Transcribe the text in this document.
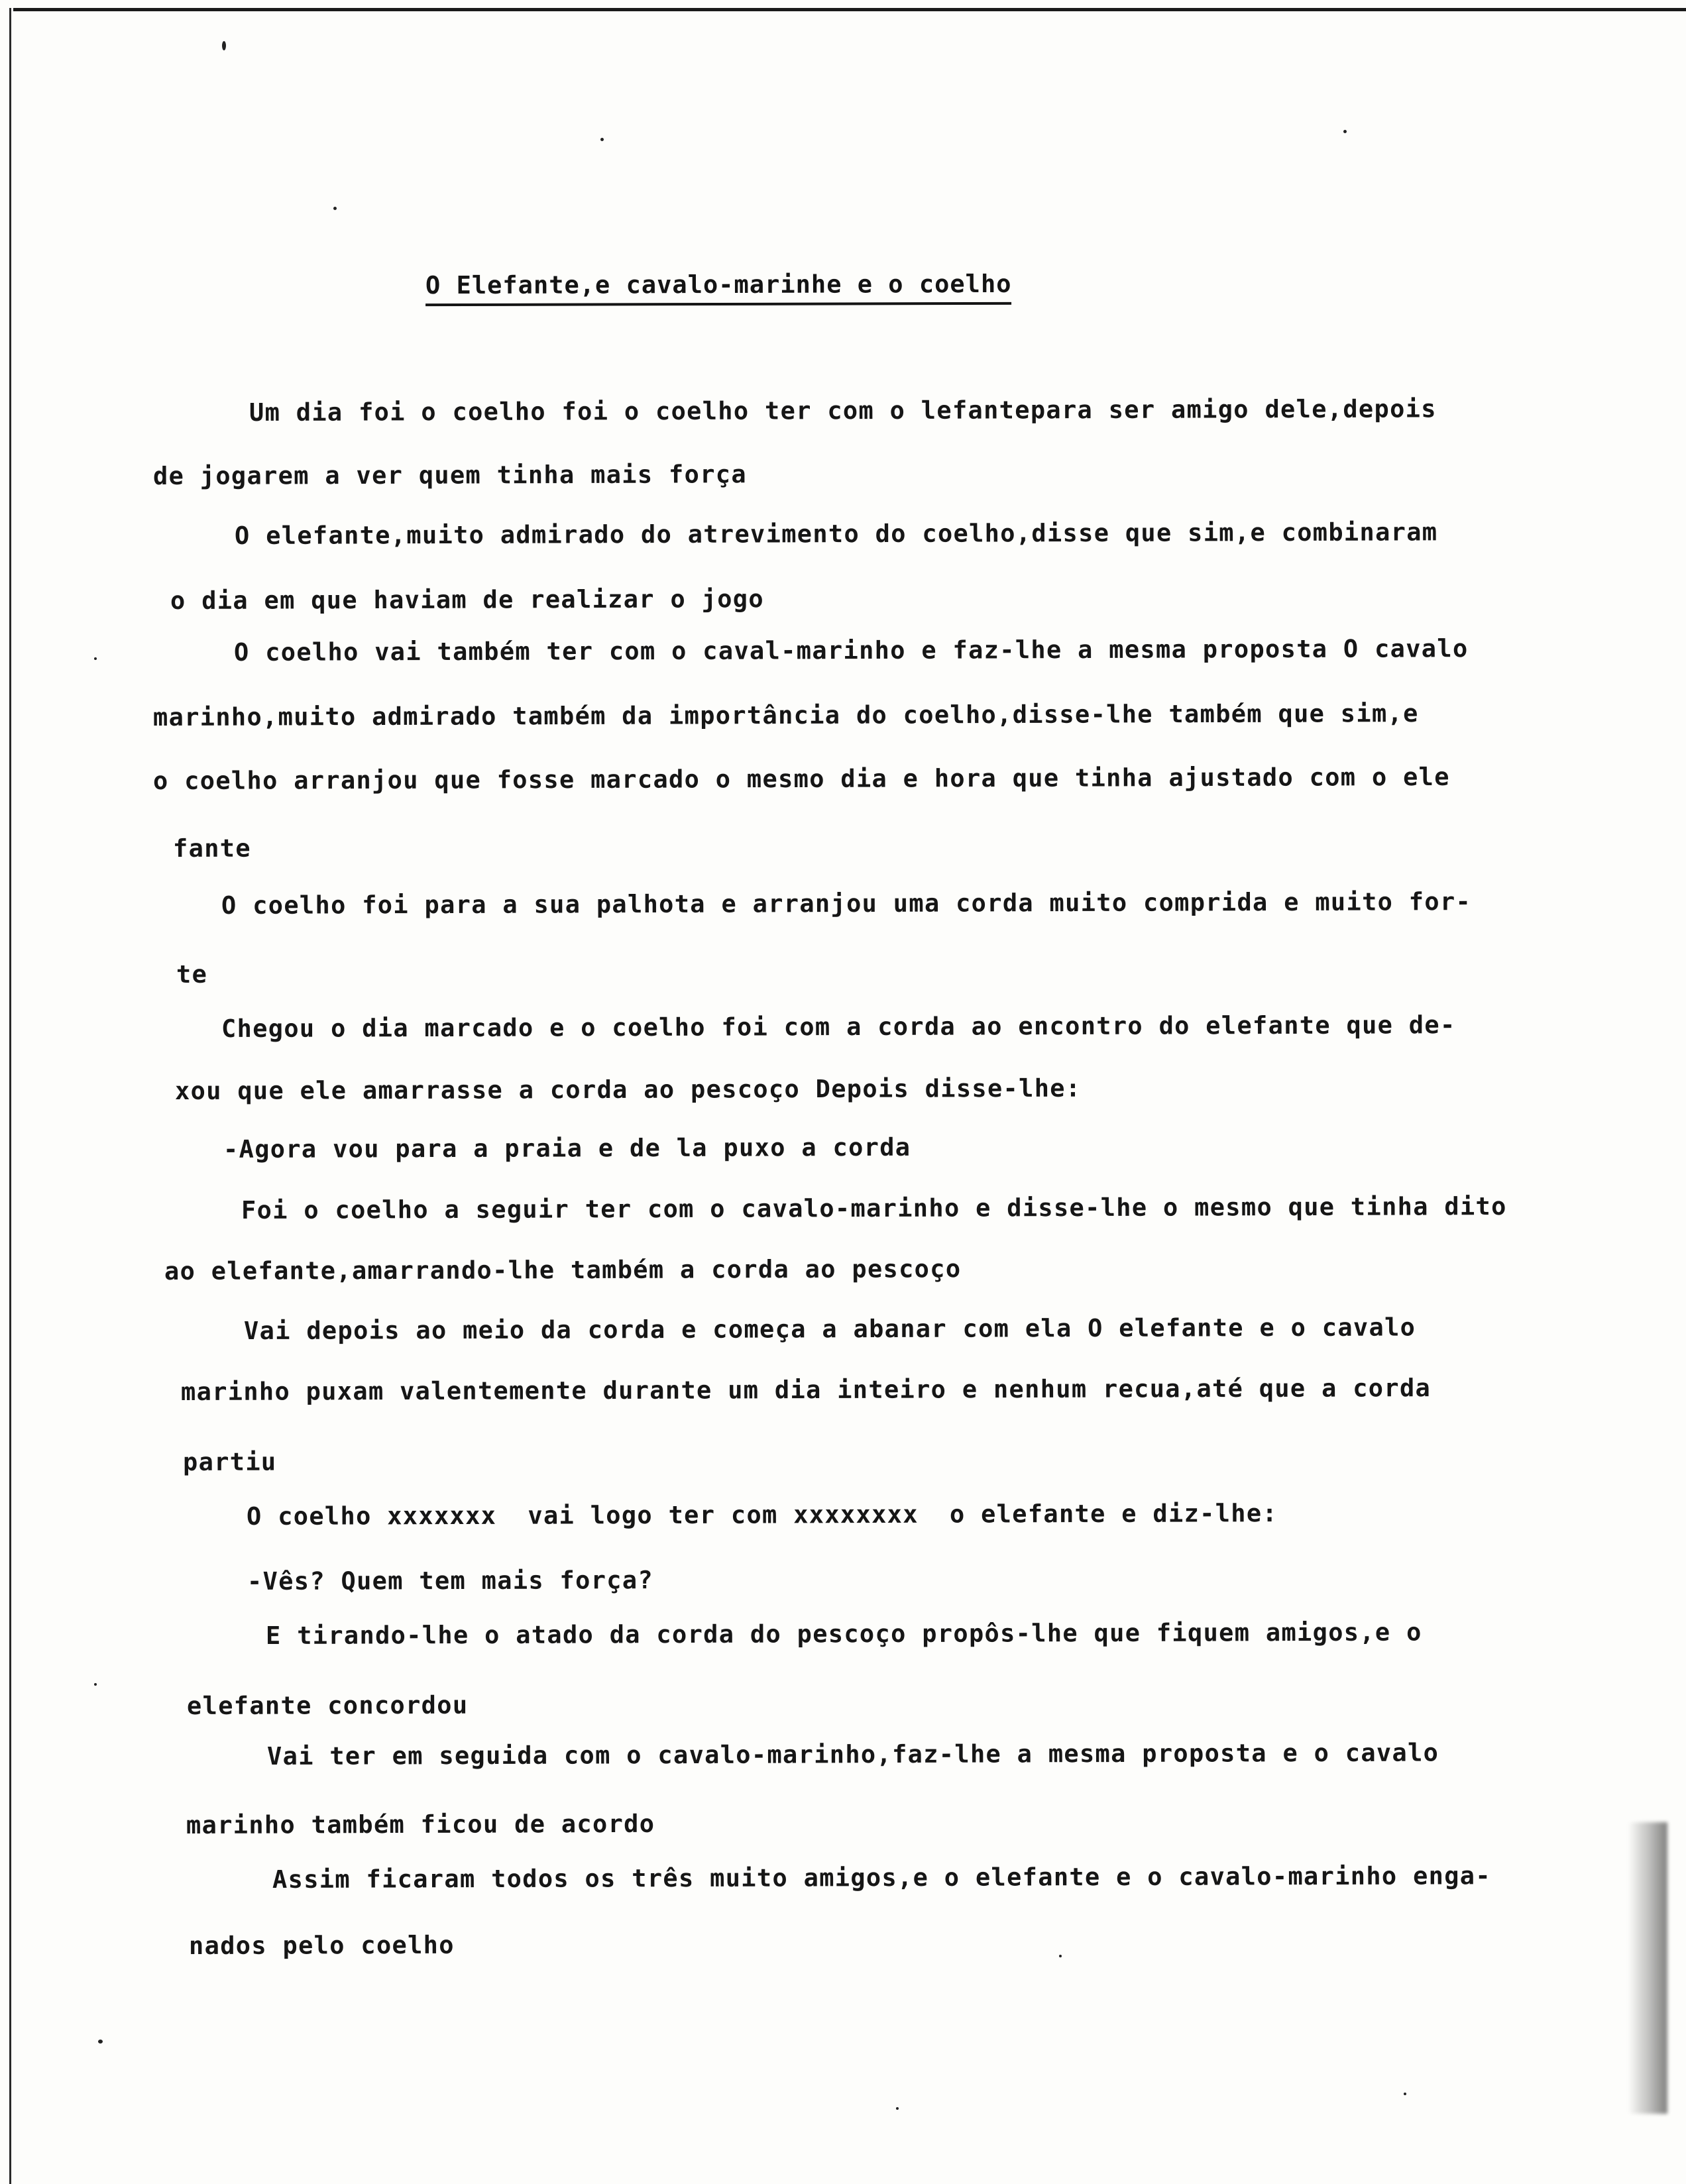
O Elefante,e cavalo-marinhe e o coelho
Um dia foi o coelho foi o coelho ter com o lefantepara ser amigo dele,depois
de jogarem a ver quem tinha mais força
O elefante,muito admirado do atrevimento do coelho,disse que sim,e combinaram
o dia em que haviam de realizar o jogo
O coelho vai também ter com o caval-marinho e faz-lhe a mesma proposta O cavalo
marinho,muito admirado também da importância do coelho,disse-lhe também que sim,e
o coelho arranjou que fosse marcado o mesmo dia e hora que tinha ajustado com o ele
fante
O coelho foi para a sua palhota e arranjou uma corda muito comprida e muito for-
te
Chegou o dia marcado e o coelho foi com a corda ao encontro do elefante que de-
xou que ele amarrasse a corda ao pescoço Depois disse-lhe:
-Agora vou para a praia e de la puxo a corda
Foi o coelho a seguir ter com o cavalo-marinho e disse-lhe o mesmo que tinha dito
ao elefante,amarrando-lhe também a corda ao pescoço
Vai depois ao meio da corda e começa a abanar com ela O elefante e o cavalo
marinho puxam valentemente durante um dia inteiro e nenhum recua,até que a corda
partiu
O coelho xxxxxxx  vai logo ter com xxxxxxxx  o elefante e diz-lhe:
-Vês? Quem tem mais força?
E tirando-lhe o atado da corda do pescoço propôs-lhe que fiquem amigos,e o
elefante concordou
Vai ter em seguida com o cavalo-marinho,faz-lhe a mesma proposta e o cavalo
marinho também ficou de acordo
Assim ficaram todos os três muito amigos,e o elefante e o cavalo-marinho enga-
nados pelo coelho
